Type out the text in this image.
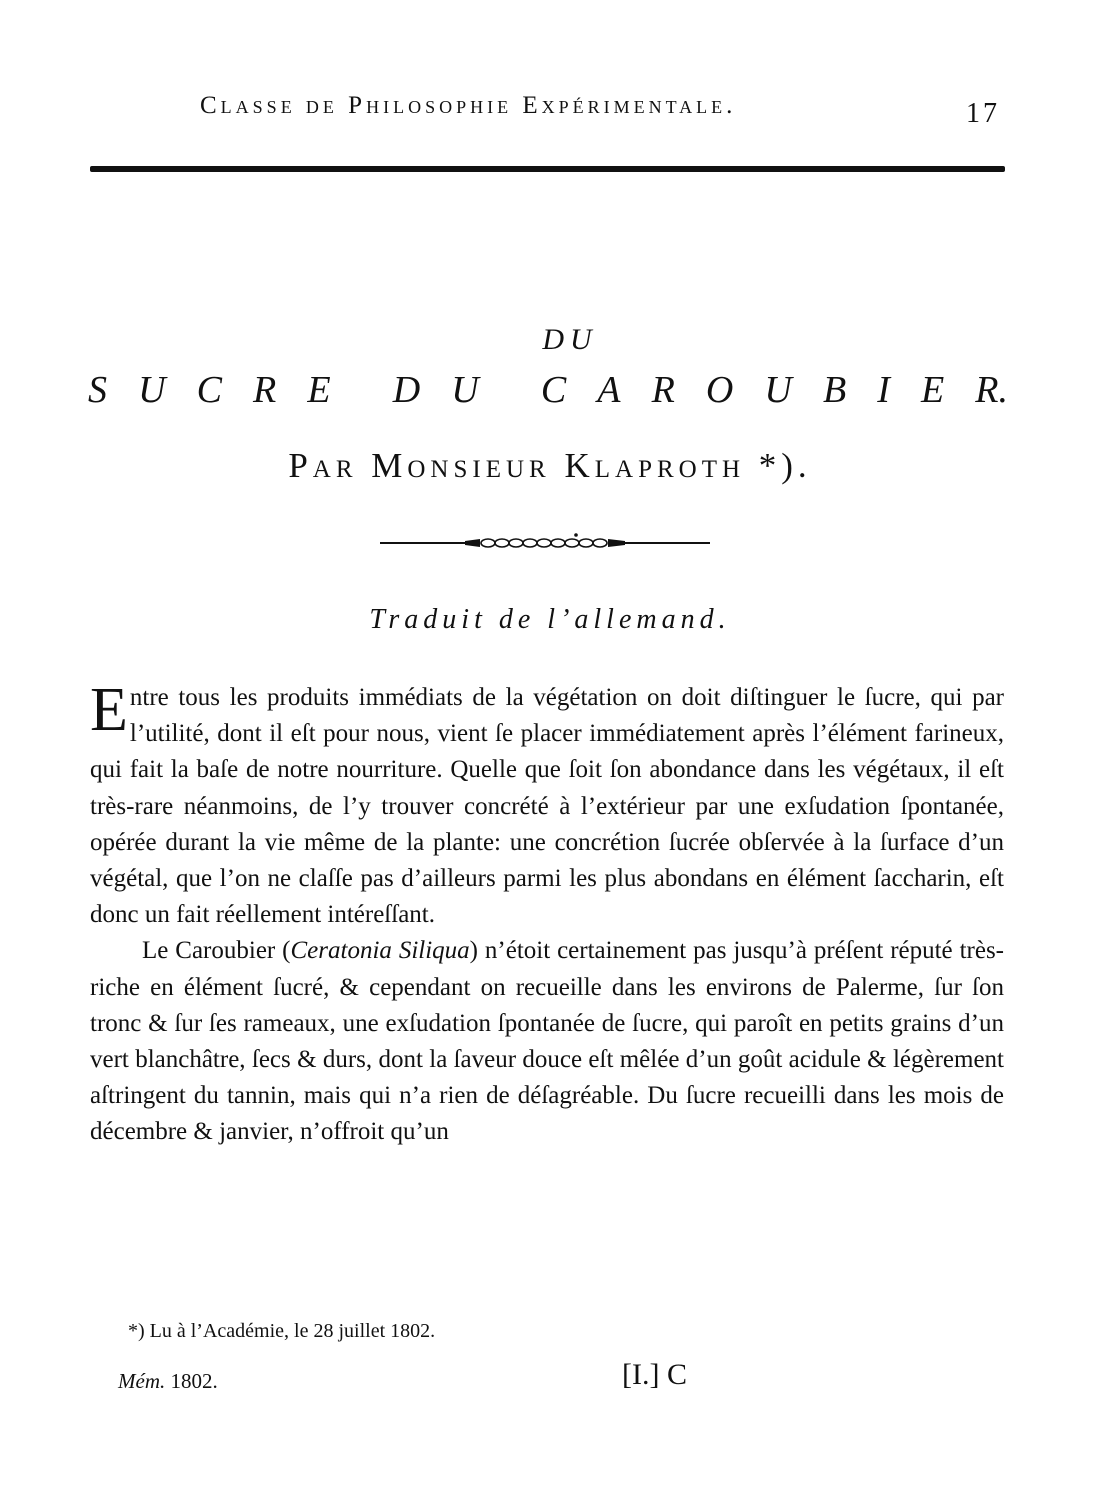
Classe de Philosophie Expérimentale.	17
DU
S U C R E D U C A R O U B I E R.
Par Monsieur Klaproth *).
Traduit de l’allemand.

Entre tous les produits immédiats de la végétation on doit diſtinguer le ſucre, qui par l’utilité, dont il eſt pour nous, vient ſe placer immédiatement après l’élément farineux, qui fait la baſe de notre nourriture. Quelle que ſoit ſon abondance dans les végétaux, il eſt très-rare néanmoins, de l’y trouver concrété à l’extérieur par une exſudation ſpontanée, opérée durant la vie même de la plante: une concrétion ſucrée obſervée à la ſurface d’un végétal, que l’on ne claſſe pas d’ailleurs parmi les plus abondans en élément ſaccharin, eſt donc un fait réellement intéreſſant.

Le Caroubier (Ceratonia Siliqua) n’étoit certainement pas jusqu’à préſent réputé très-riche en élément ſucré, & cependant on recueille dans les environs de Palerme, ſur ſon tronc & ſur ſes rameaux, une exſudation ſpontanée de ſucre, qui paroît en petits grains d’un vert blanchâtre, ſecs & durs, dont la ſaveur douce eſt mêlée d’un goût acidule & légèrement aſtringent du tannin, mais qui n’a rien de déſagréable. Du ſucre recueilli dans les mois de décembre & janvier, n’offroit qu’un

*) Lu à l’Académie, le 28 juillet 1802.
Mém. 1802.	[I.] C
